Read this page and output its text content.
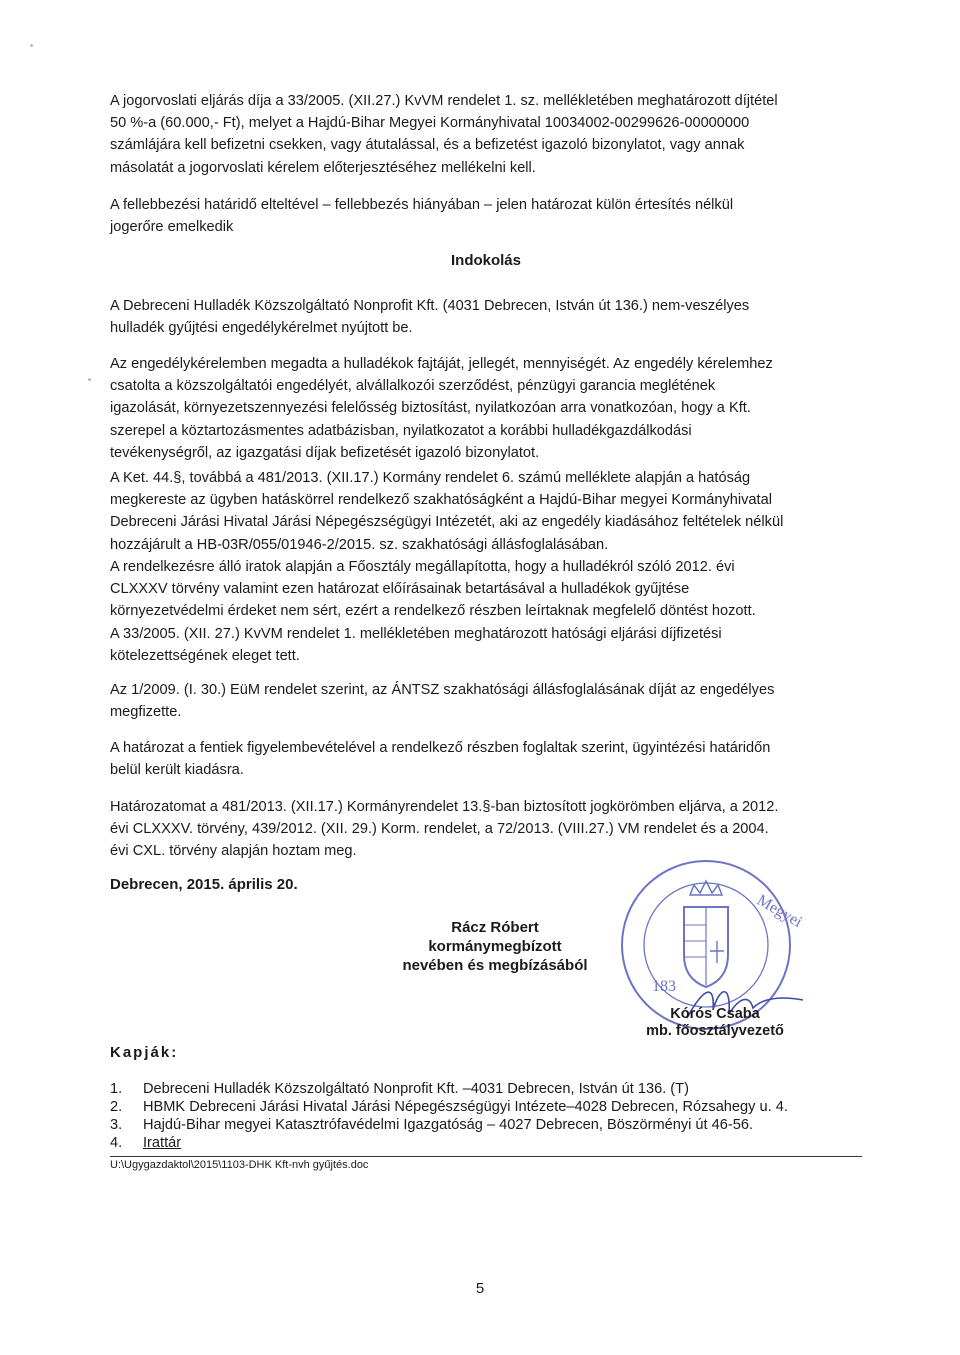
A jogorvoslati eljárás díja a 33/2005. (XII.27.) KvVM rendelet 1. sz. mellékletében meghatározott díjtétel
50 %-a (60.000,- Ft), melyet a Hajdú-Bihar Megyei Kormányhivatal 10034002-00299626-00000000
számlájára kell befizetni csekken, vagy átutalással, és a befizetést igazoló bizonylatot, vagy annak
másolatát a jogorvoslati kérelem előterjesztéséhez mellékelni kell.

A fellebbezési határidő elteltével – fellebbezés hiányában – jelen határozat külön értesítés nélkül
jogerőre emelkedik

Indokolás

A Debreceni Hulladék Közszolgáltató Nonprofit Kft. (4031 Debrecen, István út 136.) nem-veszélyes
hulladék gyűjtési engedélykérelmet nyújtott be.

Az engedélykérelemben megadta a hulladékok fajtáját, jellegét, mennyiségét. Az engedély kérelemhez
csatolta a közszolgáltatói engedélyét, alvállalkozói szerződést, pénzügyi garancia meglétének
igazolását, környezetszennyezési felelősség biztosítást, nyilatkozóan arra vonatkozóan, hogy a Kft.
szerepel a köztartozásmentes adatbázisban, nyilatkozatot a korábbi hulladékgazdálkodási
tevékenységről, az igazgatási díjak befizetését igazoló bizonylatot.

A Ket. 44.§, továbbá a 481/2013. (XII.17.) Kormány rendelet 6. számú melléklete alapján a hatóság
megkereste az ügyben hatáskörrel rendelkező szakhatóságként a Hajdú-Bihar megyei Kormányhivatal
Debreceni Járási Hivatal Járási Népegészségügyi Intézetét, aki az engedély kiadásához feltételek nélkül
hozzájárult a HB-03R/055/01946-2/2015. sz. szakhatósági állásfoglalásában.

A rendelkezésre álló iratok alapján a Főosztály megállapította, hogy a hulladékról szóló 2012. évi
CLXXXV törvény valamint ezen határozat előírásainak betartásával a hulladékok gyűjtése
környezetvédelmi érdeket nem sért, ezért a rendelkező részben leírtaknak megfelelő döntést hozott.

A 33/2005. (XII. 27.) KvVM rendelet 1. mellékletében meghatározott hatósági eljárási díjfizetési
kötelezettségének eleget tett.

Az 1/2009. (I. 30.) EüM rendelet szerint, az ÁNTSZ szakhatósági állásfoglalásának díját az engedélyes
megfizette.

A határozat a fentiek figyelembevételével a rendelkező részben foglaltak szerint, ügyintézési határidőn
belül került kiadásra.

Határozatomat a 481/2013. (XII.17.) Kormányrendelet 13.§-ban biztosított jogkörömben eljárva, a 2012.
évi CLXXXV. törvény, 439/2012. (XII. 29.) Korm. rendelet, a 72/2013. (VIII.27.) VM rendelet és a 2004.
évi CXL. törvény alapján hoztam meg.

Debrecen, 2015. április 20.
Megyei
183
Rácz Róbert
kormánymegbízott
nevében és megbízásából
Kórós Csaba
mb. főosztályvezető
Kapják:
1.	Debreceni Hulladék Közszolgáltató Nonprofit Kft. –4031 Debrecen, István út 136. (T)
2.	HBMK Debreceni Járási Hivatal Járási Népegészségügyi Intézete–4028 Debrecen, Rózsahegy u. 4.
3.	Hajdú-Bihar megyei Katasztrófavédelmi Igazgatóság – 4027 Debrecen, Böszörményi út 46-56.
4.	Irattár
U:\Ugygazdaktol\2015\1103-DHK Kft-nvh gyűjtés.doc
5
